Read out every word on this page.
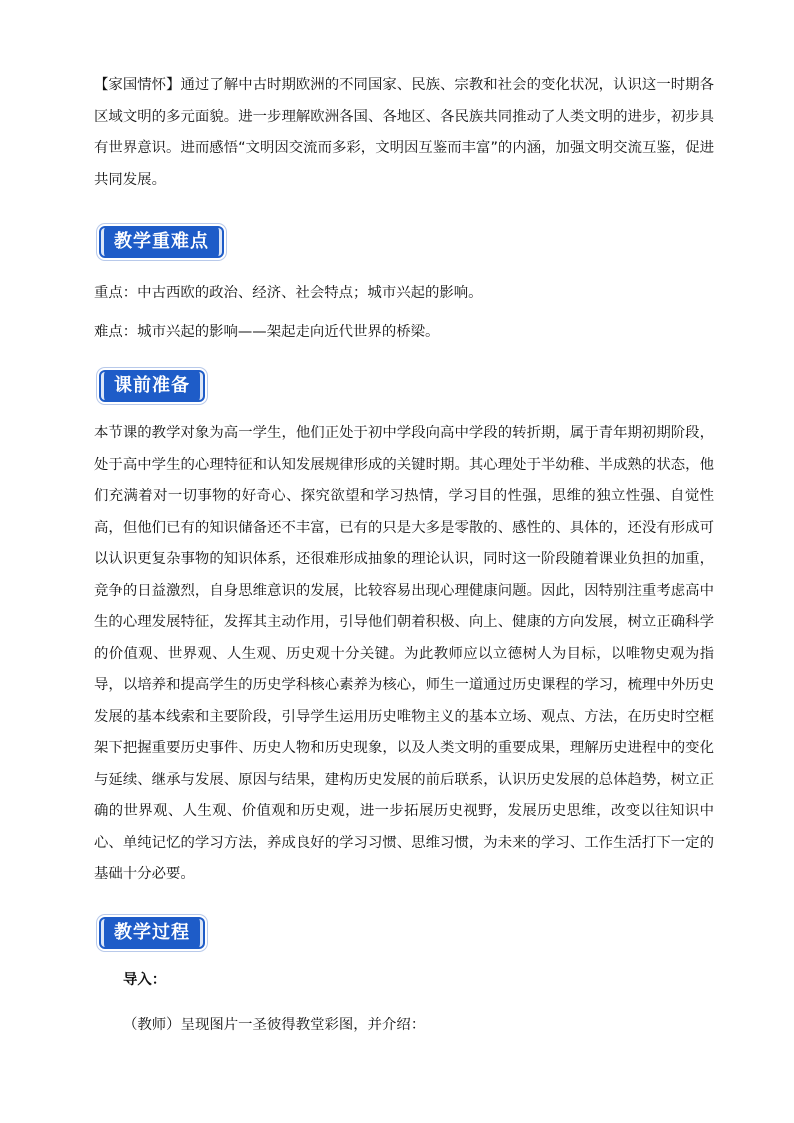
【家国情怀】通过了解中古时期欧洲的不同国家、民族、宗教和社会的变化状况，认识这一时期各区域文明的多元面貌。进一步理解欧洲各国、各地区、各民族共同推动了人类文明的进步，初步具有世界意识。进而感悟“文明因交流而多彩，文明因互鉴而丰富”的内涵，加强文明交流互鉴，促进共同发展。

教学重难点

重点：中古西欧的政治、经济、社会特点；城市兴起的影响。

难点：城市兴起的影响——架起走向近代世界的桥梁。

课前准备

本节课的教学对象为高一学生，他们正处于初中学段向高中学段的转折期，属于青年期初期阶段，处于高中学生的心理特征和认知发展规律形成的关键时期。其心理处于半幼稚、半成熟的状态，他们充满着对一切事物的好奇心、探究欲望和学习热情，学习目的性强，思维的独立性强、自觉性高，但他们已有的知识储备还不丰富，已有的只是大多是零散的、感性的、具体的，还没有形成可以认识更复杂事物的知识体系，还很难形成抽象的理论认识，同时这一阶段随着课业负担的加重，竞争的日益激烈，自身思维意识的发展，比较容易出现心理健康问题。因此，因特别注重考虑高中生的心理发展特征，发挥其主动作用，引导他们朝着积极、向上、健康的方向发展，树立正确科学的价值观、世界观、人生观、历史观十分关键。为此教师应以立德树人为目标，以唯物史观为指导，以培养和提高学生的历史学科核心素养为核心，师生一道通过历史课程的学习，梳理中外历史发展的基本线索和主要阶段，引导学生运用历史唯物主义的基本立场、观点、方法，在历史时空框架下把握重要历史事件、历史人物和历史现象，以及人类文明的重要成果，理解历史进程中的变化与延续、继承与发展、原因与结果，建构历史发展的前后联系，认识历史发展的总体趋势，树立正确的世界观、人生观、价值观和历史观，进一步拓展历史视野，发展历史思维，改变以往知识中心、单纯记忆的学习方法，养成良好的学习习惯、思维习惯，为未来的学习、工作生活打下一定的基础十分必要。

教学过程
导入：
（教师）呈现图片一圣彼得教堂彩图，并介绍：
